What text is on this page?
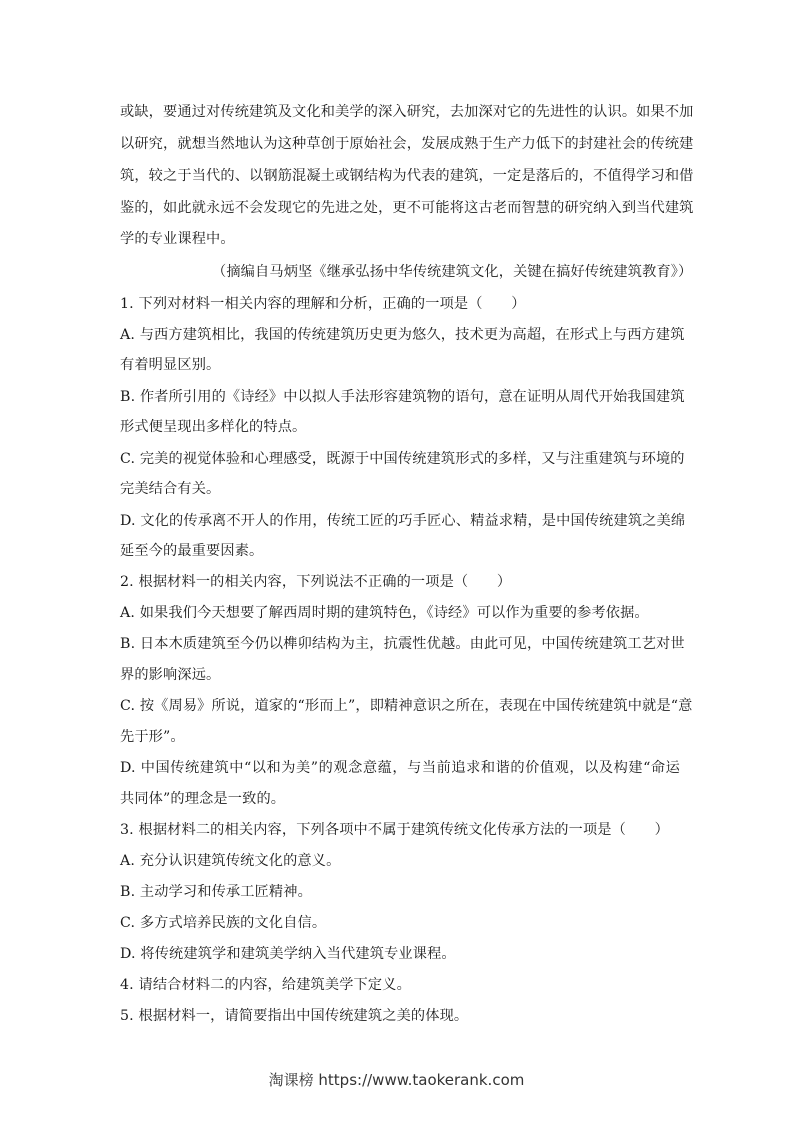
或缺，要通过对传统建筑及文化和美学的深入研究，去加深对它的先进性的认识。如果不加
以研究，就想当然地认为这种草创于原始社会，发展成熟于生产力低下的封建社会的传统建
筑，较之于当代的、以钢筋混凝土或钢结构为代表的建筑，一定是落后的，不值得学习和借
鉴的，如此就永远不会发现它的先进之处，更不可能将这古老而智慧的研究纳入到当代建筑
学的专业课程中。
（摘编自马炳坚《继承弘扬中华传统建筑文化，关键在搞好传统建筑教育》）
1. 下列对材料一相关内容的理解和分析，正确的一项是（　　）
A. 与西方建筑相比，我国的传统建筑历史更为悠久，技术更为高超，在形式上与西方建筑
有着明显区别。
B. 作者所引用的《诗经》中以拟人手法形容建筑物的语句，意在证明从周代开始我国建筑
形式便呈现出多样化的特点。
C. 完美的视觉体验和心理感受，既源于中国传统建筑形式的多样，又与注重建筑与环境的
完美结合有关。
D. 文化的传承离不开人的作用，传统工匠的巧手匠心、精益求精，是中国传统建筑之美绵
延至今的最重要因素。
2. 根据材料一的相关内容，下列说法不正确的一项是（　　）
A. 如果我们今天想要了解西周时期的建筑特色，《诗经》可以作为重要的参考依据。
B. 日本木质建筑至今仍以榫卯结构为主，抗震性优越。由此可见，中国传统建筑工艺对世
界的影响深远。
C. 按《周易》所说，道家的“形而上”，即精神意识之所在，表现在中国传统建筑中就是“意
先于形”。
D. 中国传统建筑中“以和为美”的观念意蕴，与当前追求和谐的价值观，以及构建“命运
共同体”的理念是一致的。
3. 根据材料二的相关内容，下列各项中不属于建筑传统文化传承方法的一项是（　　）
A. 充分认识建筑传统文化的意义。
B. 主动学习和传承工匠精神。
C. 多方式培养民族的文化自信。
D. 将传统建筑学和建筑美学纳入当代建筑专业课程。
4. 请结合材料二的内容，给建筑美学下定义。
5. 根据材料一，请简要指出中国传统建筑之美的体现。
淘课榜 https://www.taokerank.com
